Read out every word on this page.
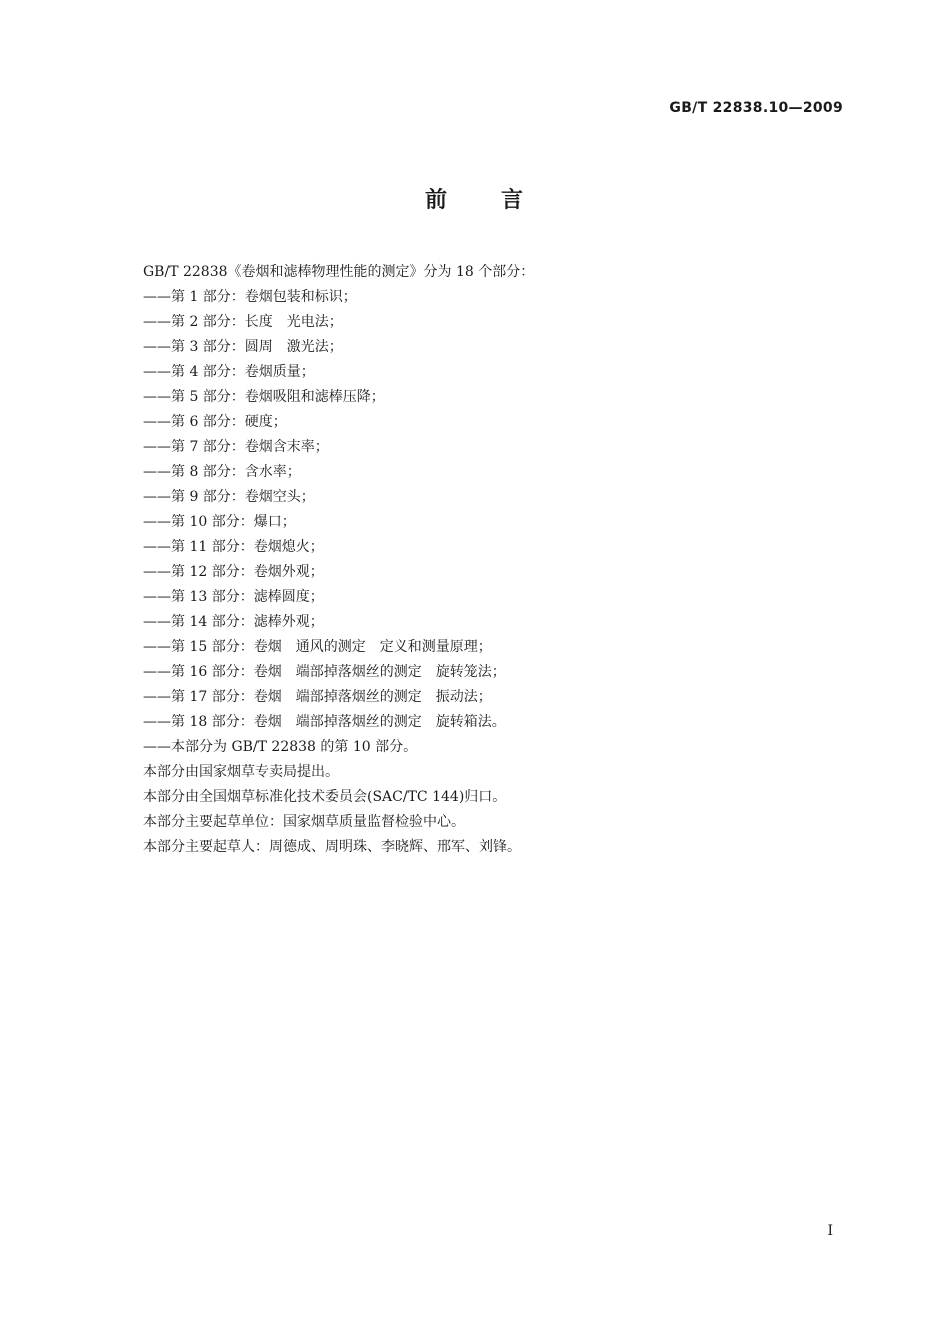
GB/T 22838.10—2009
前 言
GB/T 22838《卷烟和滤棒物理性能的测定》分为 18 个部分：
——第 1 部分：卷烟包装和标识；
——第 2 部分：长度　光电法；
——第 3 部分：圆周　激光法；
——第 4 部分：卷烟质量；
——第 5 部分：卷烟吸阻和滤棒压降；
——第 6 部分：硬度；
——第 7 部分：卷烟含末率；
——第 8 部分：含水率；
——第 9 部分：卷烟空头；
——第 10 部分：爆口；
——第 11 部分：卷烟熄火；
——第 12 部分：卷烟外观；
——第 13 部分：滤棒圆度；
——第 14 部分：滤棒外观；
——第 15 部分：卷烟　通风的测定　定义和测量原理；
——第 16 部分：卷烟　端部掉落烟丝的测定　旋转笼法；
——第 17 部分：卷烟　端部掉落烟丝的测定　振动法；
——第 18 部分：卷烟　端部掉落烟丝的测定　旋转箱法。
——本部分为 GB/T 22838 的第 10 部分。
本部分由国家烟草专卖局提出。
本部分由全国烟草标准化技术委员会(SAC/TC 144)归口。
本部分主要起草单位：国家烟草质量监督检验中心。
本部分主要起草人：周德成、周明珠、李晓辉、邢军、刘锋。
I
